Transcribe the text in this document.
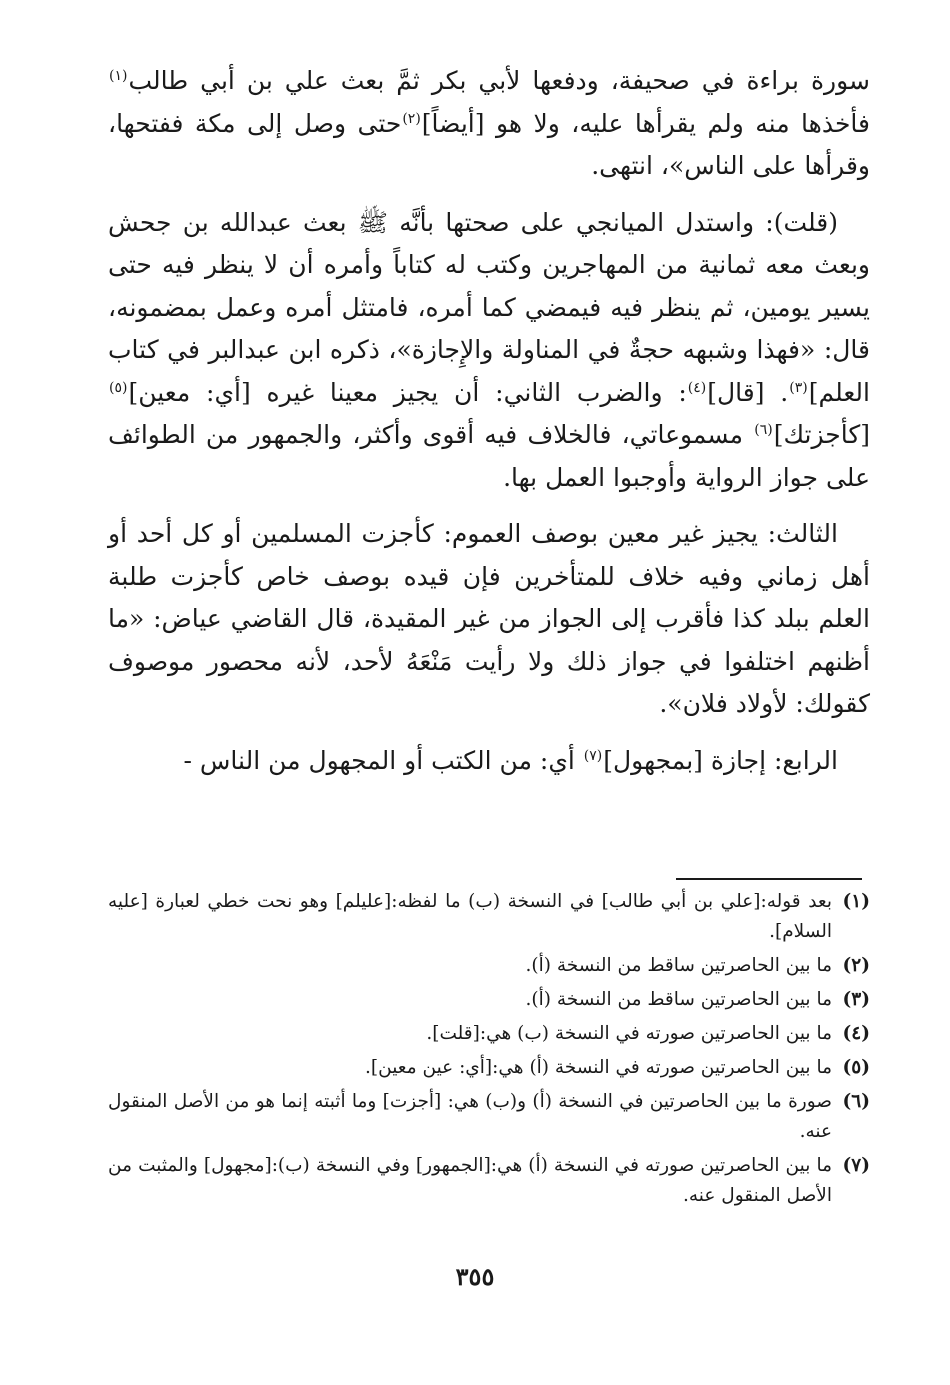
سورة براءة في صحيفة، ودفعها لأبي بكر ثمَّ بعث علي بن أبي طالب$^{(١)}$ فأخذها منه ولم يقرأها عليه، ولا هو [أيضاً]$^{(٢)}$حتى وصل إلى مكة ففتحها، وقرأها على الناس»، انتهى.

(قلت): واستدل الميانجي على صحتها بأنَّه ﷺ بعث عبدالله بن جحش وبعث معه ثمانية من المهاجرين وكتب له كتاباً وأمره أن لا ينظر فيه حتى يسير يومين، ثم ينظر فيه فيمضي كما أمره، فامتثل أمره وعمل بمضمونه، قال: «فهذا وشبهه حجةٌ في المناولة والإِجازة»، ذكره ابن عبدالبر في كتاب العلم]$^{(٣)}$. [قال]$^{(٤)}$: والضرب الثاني: أن يجيز معينا غيره [أي: معين]$^{(٥)}$ [كأجزتك]$^{(٦)}$ مسموعاتي، فالخلاف فيه أقوى وأكثر، والجمهور من الطوائف على جواز الرواية وأوجبوا العمل بها.

الثالث: يجيز غير معين بوصف العموم: كأجزت المسلمين أو كل أحد أو أهل زماني وفيه خلاف للمتأخرين فإن قيده بوصف خاص كأجزت طلبة العلم ببلد كذا فأقرب إلى الجواز من غير المقيدة، قال القاضي عياض: «ما أظنهم اختلفوا في جواز ذلك ولا رأيت مَنْعَهُ لأحد، لأنه محصور موصوف كقولك: لأولاد فلان».

الرابع: إجازة [بمجهول]$^{(٧)}$ أي: من الكتب أو المجهول من الناس -

(١)
بعد قوله:[علي بن أبي طالب] في النسخة (ب) ما لفظه:[عليلم] وهو نحت خطي لعبارة [عليه السلام].
(٢)
ما بين الحاصرتين ساقط من النسخة (أ).
(٣)
ما بين الحاصرتين ساقط من النسخة (أ).
(٤)
ما بين الحاصرتين صورته في النسخة (ب) هي:[قلت].
(٥)
ما بين الحاصرتين صورته في النسخة (أ) هي:[أي: عين معين].
(٦)
صورة ما بين الحاصرتين في النسخة (أ) و(ب) هي: [أجزت] وما أثبته إنما هو من الأصل المنقول عنه.
(٧)
ما بين الحاصرتين صورته في النسخة (أ) هي:[الجمهور] وفي النسخة (ب):[مجهول] والمثبت من الأصل المنقول عنه.
٣٥٥
